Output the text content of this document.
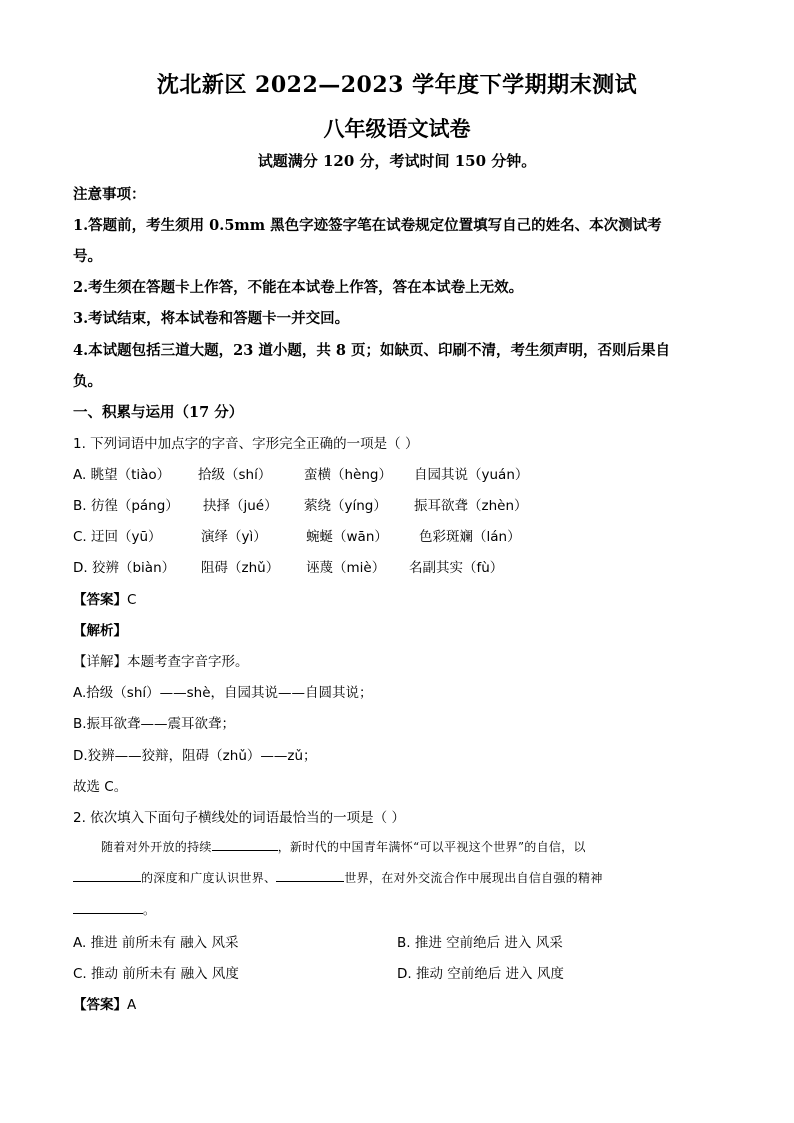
沈北新区 2022—2023 学年度下学期期末测试
八年级语文试卷
试题满分 120 分，考试时间 150 分钟。
注意事项：
1.答题前，考生须用 0.5mm 黑色字迹签字笔在试卷规定位置填写自己的姓名、本次测试考
号。
2.考生须在答题卡上作答，不能在本试卷上作答，答在本试卷上无效。
3.考试结束，将本试卷和答题卡一并交回。
4.本试题包括三道大题，23 道小题，共 8 页；如缺页、印刷不清，考生须声明，否则后果自
负。
一、积累与运用（17 分）
1. 下列词语中加点字的字音、字形完全正确的一项是（ ）
A. 眺望（tiào） 拾级（shí） 蛮横（hèng） 自园其说（yuán）
B. 彷徨（páng） 抉择（jué） 萦绕（yíng） 振耳欲聋（zhèn）
C. 迂回（yū）	演绎（yì）	蜿蜒（wān） 色彩斑斓（lán）
D. 狡辨（biàn） 阻碍（zhǔ） 诬蔑（miè） 名副其实（fù）
【答案】C
【解析】
【详解】本题考查字音字形。
A.拾级（shí）——shè，自园其说——自圆其说；
B.振耳欲聋——震耳欲聋；
D.狡辨——狡辩，阻碍（zhǔ）——zǔ；
故选 C。
2. 依次填入下面句子横线处的词语最恰当的一项是（ ）
随着对外开放的持续	，新时代的中国青年满怀“可以平视这个世界”的自信，以
的深度和广度认识世界、	世界，在对外交流合作中展现出自信自强的精神
。
A. 推进 前所未有 融入 风采	B. 推进 空前绝后 进入 风采
C. 推动 前所未有 融入 风度	D. 推动 空前绝后 进入 风度
【答案】A
